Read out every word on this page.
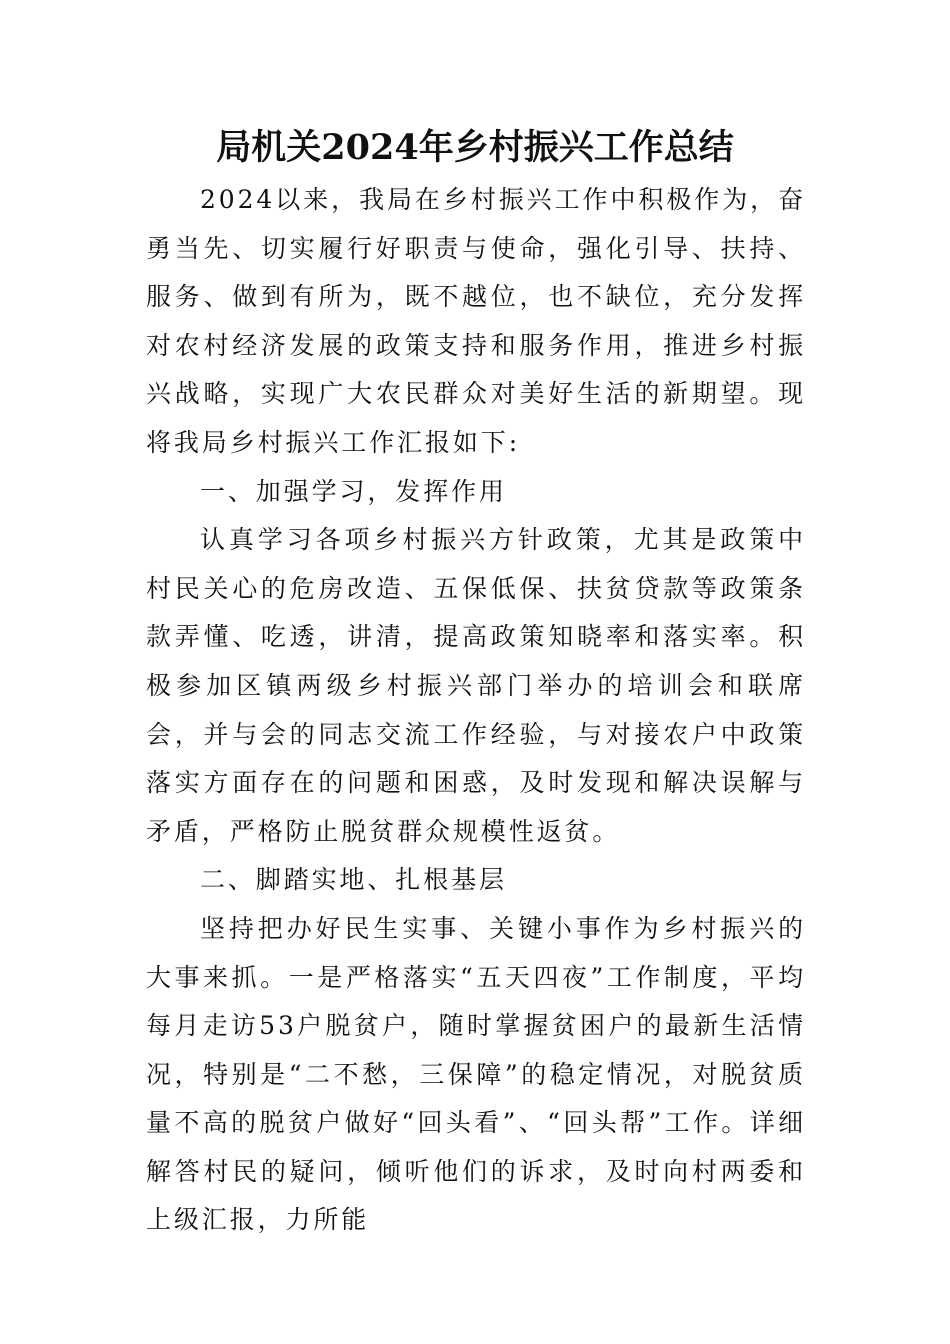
局机关2024年乡村振兴工作总结

2024以来，我局在乡村振兴工作中积极作为，奋勇当先、切实履行好职责与使命，强化引导、扶持、服务、做到有所为，既不越位，也不缺位，充分发挥对农村经济发展的政策支持和服务作用，推进乡村振兴战略，实现广大农民群众对美好生活的新期望。现将我局乡村振兴工作汇报如下:

一、加强学习，发挥作用

认真学习各项乡村振兴方针政策，尤其是政策中村民关心的危房改造、五保低保、扶贫贷款等政策条款弄懂、吃透，讲清，提高政策知晓率和落实率。积极参加区镇两级乡村振兴部门举办的培训会和联席会，并与会的同志交流工作经验，与对接农户中政策落实方面存在的问题和困惑，及时发现和解决误解与矛盾，严格防止脱贫群众规模性返贫。

二、脚踏实地、扎根基层

坚持把办好民生实事、关键小事作为乡村振兴的大事来抓。一是严格落实“五天四夜”工作制度，平均每月走访53户脱贫户，随时掌握贫困户的最新生活情况，特别是“二不愁，三保障”的稳定情况，对脱贫质量不高的脱贫户做好“回头看”、“回头帮”工作。详细解答村民的疑问，倾听他们的诉求，及时向村两委和上级汇报，力所能
